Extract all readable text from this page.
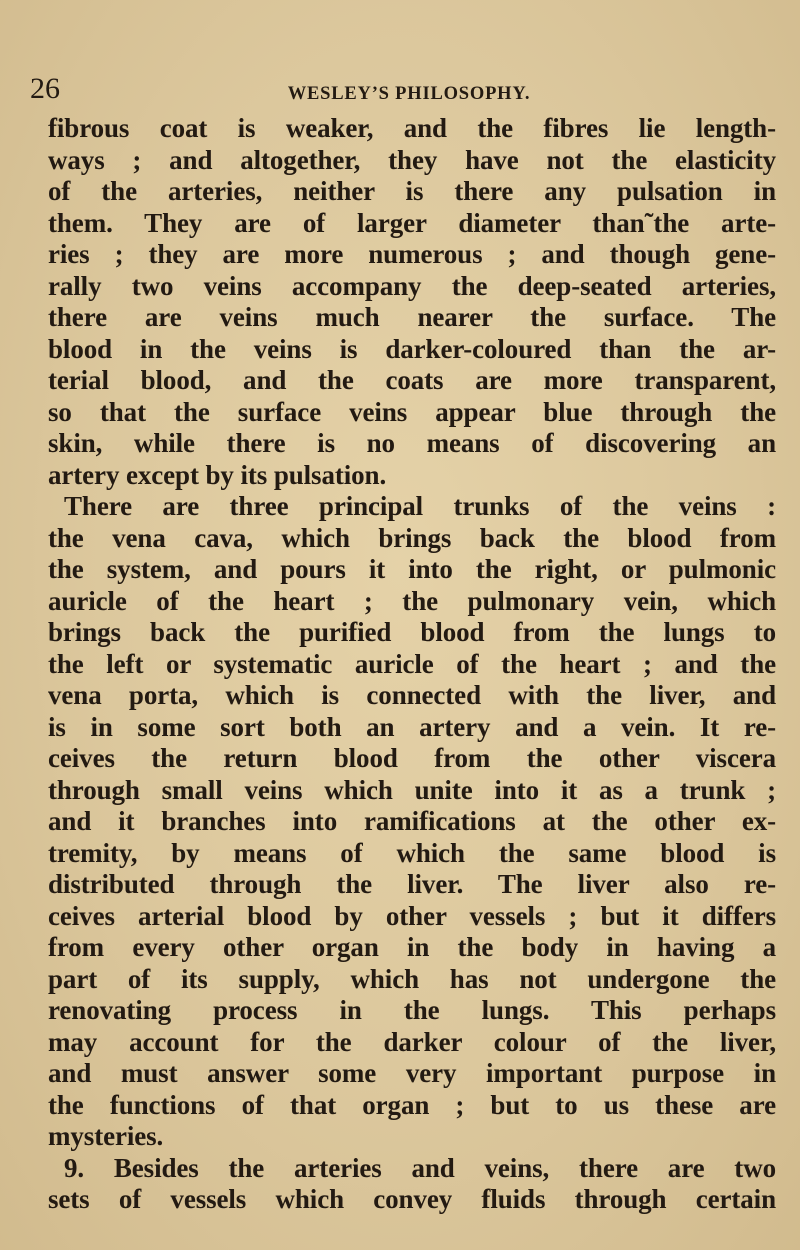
26	WESLEY’S PHILOSOPHY.
fibrous coat is weaker, and the fibres lie length-
ways ; and altogether, they have not the elasticity
of the arteries, neither is there any pulsation in
them. They are of larger diameter than˜the arte-
ries ; they are more numerous ; and though gene-
rally two veins accompany the deep-seated arteries,
there are veins much nearer the surface. The
blood in the veins is darker-coloured than the ar-
terial blood, and the coats are more transparent,
so that the surface veins appear blue through the
skin, while there is no means of discovering an
artery except by its pulsation.
There are three principal trunks of the veins :
the vena cava, which brings back the blood from
the system, and pours it into the right, or pulmonic
auricle of the heart ; the pulmonary vein, which
brings back the purified blood from the lungs to
the left or systematic auricle of the heart ; and the
vena porta, which is connected with the liver, and
is in some sort both an artery and a vein. It re-
ceives the return blood from the other viscera
through small veins which unite into it as a trunk ;
and it branches into ramifications at the other ex-
tremity, by means of which the same blood is
distributed through the liver. The liver also re-
ceives arterial blood by other vessels ; but it differs
from every other organ in the body in having a
part of its supply, which has not undergone the
renovating process in the lungs. This perhaps
may account for the darker colour of the liver,
and must answer some very important purpose in
the functions of that organ ; but to us these are
mysteries.
9. Besides the arteries and veins, there are two
sets of vessels which convey fluids through certain
